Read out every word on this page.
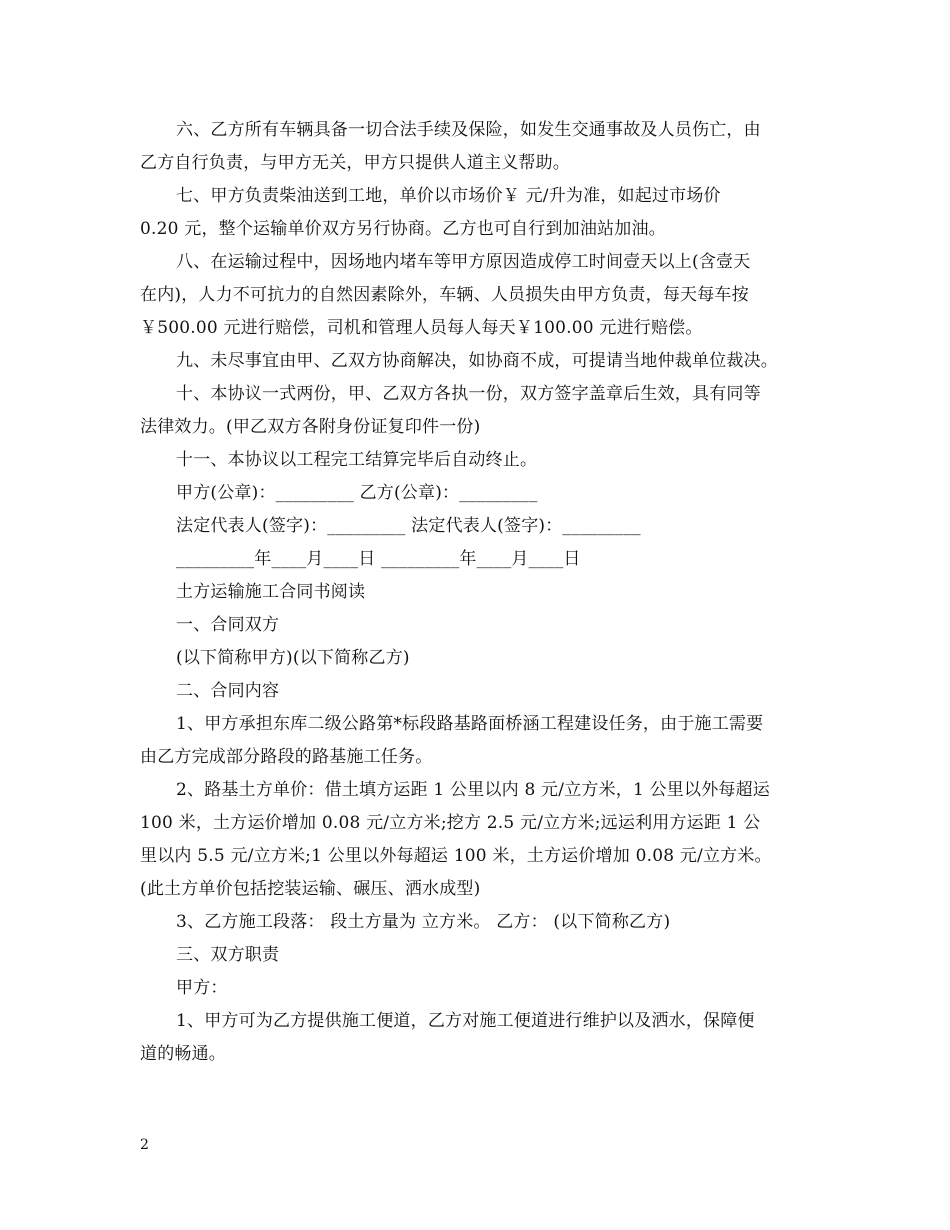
六、乙方所有车辆具备一切合法手续及保险，如发生交通事故及人员伤亡，由
乙方自行负责，与甲方无关，甲方只提供人道主义帮助。
七、甲方负责柴油送到工地，单价以市场价￥ 元/升为准，如起过市场价
0.20 元，整个运输单价双方另行协商。乙方也可自行到加油站加油。
八、在运输过程中，因场地内堵车等甲方原因造成停工时间壹天以上(含壹天
在内)，人力不可抗力的自然因素除外，车辆、人员损失由甲方负责，每天每车按
￥500.00 元进行赔偿，司机和管理人员每人每天￥100.00 元进行赔偿。
九、未尽事宜由甲、乙双方协商解决，如协商不成，可提请当地仲裁单位裁决。
十、本协议一式两份，甲、乙双方各执一份，双方签字盖章后生效，具有同等
法律效力。(甲乙双方各附身份证复印件一份)
十一、本协议以工程完工结算完毕后自动终止。
甲方(公章)：_________ 乙方(公章)：_________
法定代表人(签字)：_________ 法定代表人(签字)：_________
_________年____月____日 _________年____月____日
土方运输施工合同书阅读
一、合同双方
(以下简称甲方)(以下简称乙方)
二、合同内容
1、甲方承担东库二级公路第*标段路基路面桥涵工程建设任务，由于施工需要
由乙方完成部分路段的路基施工任务。
2、路基土方单价：借土填方运距 1 公里以内 8 元/立方米，1 公里以外每超运
100 米，土方运价增加 0.08 元/立方米;挖方 2.5 元/立方米;远运利用方运距 1 公
里以内 5.5 元/立方米;1 公里以外每超运 100 米，土方运价增加 0.08 元/立方米。
(此土方单价包括挖装运输、碾压、洒水成型)
3、乙方施工段落： 段土方量为 立方米。 乙方： (以下简称乙方)
三、双方职责
甲方：
1、甲方可为乙方提供施工便道，乙方对施工便道进行维护以及洒水，保障便
道的畅通。
2
